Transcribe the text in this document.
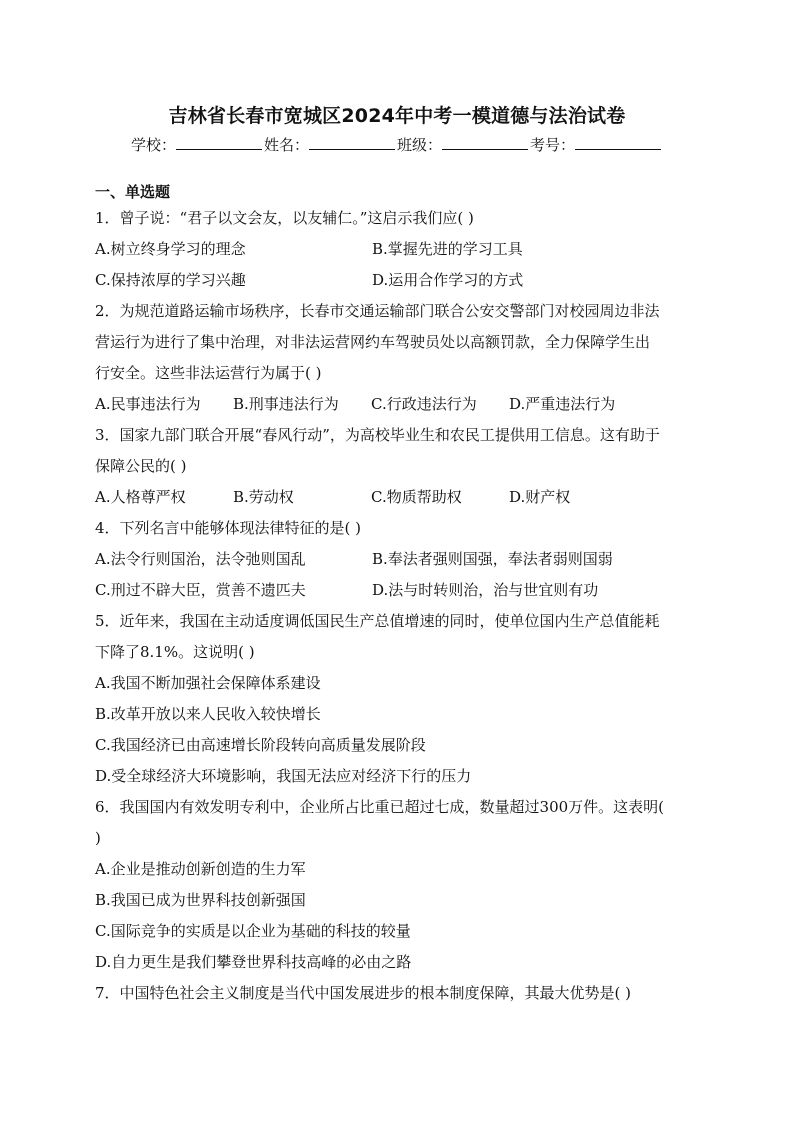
吉林省长春市宽城区2024年中考一模道德与法治试卷
学校：	姓名：	班级：	考号：
一、单选题
1．曾子说：“君子以文会友，以友辅仁。”这启示我们应( )
A.树立终身学习的理念	B.掌握先进的学习工具
C.保持浓厚的学习兴趣	D.运用合作学习的方式
2．为规范道路运输市场秩序，长春市交通运输部门联合公安交警部门对校园周边非法
营运行为进行了集中治理，对非法运营网约车驾驶员处以高额罚款，全力保障学生出
行安全。这些非法运营行为属于( )
A.民事违法行为	B.刑事违法行为	C.行政违法行为	D.严重违法行为
3．国家九部门联合开展“春风行动”，为高校毕业生和农民工提供用工信息。这有助于
保障公民的( )
A.人格尊严权	B.劳动权	C.物质帮助权	D.财产权
4．下列名言中能够体现法律特征的是( )
A.法令行则国治，法令弛则国乱	B.奉法者强则国强，奉法者弱则国弱
C.刑过不辟大臣，赏善不遗匹夫	D.法与时转则治，治与世宜则有功
5．近年来，我国在主动适度调低国民生产总值增速的同时，使单位国内生产总值能耗
下降了8.1%。这说明( )
A.我国不断加强社会保障体系建设
B.改革开放以来人民收入较快增长
C.我国经济已由高速增长阶段转向高质量发展阶段
D.受全球经济大环境影响，我国无法应对经济下行的压力
6．我国国内有效发明专利中，企业所占比重已超过七成，数量超过300万件。这表明(
)
A.企业是推动创新创造的生力军
B.我国已成为世界科技创新强国
C.国际竞争的实质是以企业为基础的科技的较量
D.自力更生是我们攀登世界科技高峰的必由之路
7．中国特色社会主义制度是当代中国发展进步的根本制度保障，其最大优势是( )
